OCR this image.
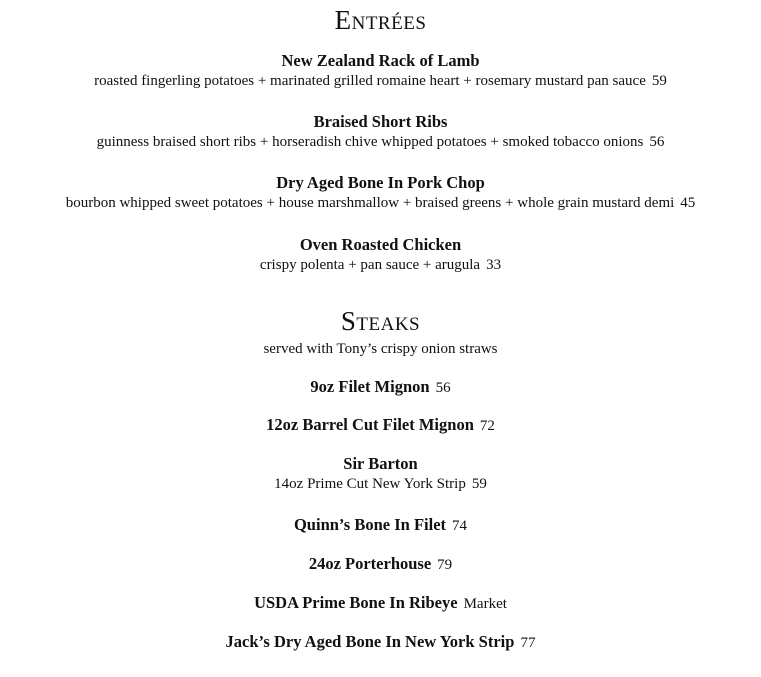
Entrées
New Zealand Rack of Lamb
roasted fingerling potatoes + marinated grilled romaine heart + rosemary mustard pan sauce 59
Braised Short Ribs
guinness braised short ribs + horseradish chive whipped potatoes + smoked tobacco onions 56
Dry Aged Bone In Pork Chop
bourbon whipped sweet potatoes + house marshmallow + braised greens + whole grain mustard demi 45
Oven Roasted Chicken
crispy polenta + pan sauce + arugula 33
Steaks
served with Tony’s crispy onion straws
9oz Filet Mignon 56
12oz Barrel Cut Filet Mignon 72
Sir Barton
14oz Prime Cut New York Strip 59
Quinn’s Bone In Filet 74
24oz Porterhouse 79
USDA Prime Bone In Ribeye Market
Jack’s Dry Aged Bone In New York Strip 77
